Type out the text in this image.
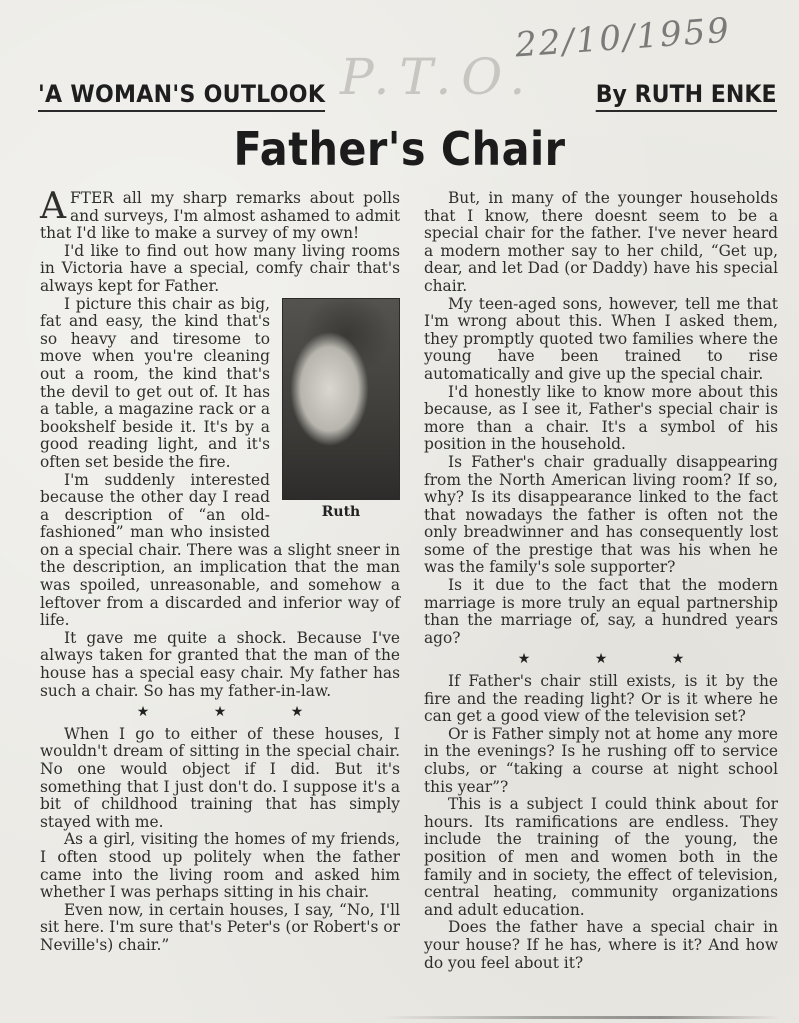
P.T.O.
22/10/1959
'A WOMAN'S OUTLOOK	By RUTH ENKE
Father's Chair

AFTER all my sharp remarks about polls and surveys, I'm almost ashamed to admit that I'd like to make a survey of my own!

I'd like to find out how many living rooms in Victoria have a special, comfy chair that's always kept for Father.

Ruth

I picture this chair as big, fat and easy, the kind that's so heavy and tiresome to move when you're cleaning out a room, the kind that's the devil to get out of. It has a table, a magazine rack or a bookshelf beside it. It's by a good reading light, and it's often set beside the fire.

I'm suddenly interested because the other day I read a description of “an old-fashioned” man who insisted on a special chair. There was a slight sneer in the description, an implication that the man was spoiled, unreasonable, and somehow a leftover from a discarded and inferior way of life.

It gave me quite a shock. Because I've always taken for granted that the man of the house has a special easy chair. My father has such a chair. So has my father-in-law.

★ ★ ★

When I go to either of these houses, I wouldn't dream of sitting in the special chair. No one would object if I did. But it's something that I just don't do. I suppose it's a bit of childhood training that has simply stayed with me.

As a girl, visiting the homes of my friends, I often stood up politely when the father came into the living room and asked him whether I was perhaps sitting in his chair.

Even now, in certain houses, I say, “No, I'll sit here. I'm sure that's Peter's (or Robert's or Neville's) chair.”

But, in many of the younger households that I know, there doesnt seem to be a special chair for the father. I've never heard a modern mother say to her child, “Get up, dear, and let Dad (or Daddy) have his special chair.

My teen-aged sons, however, tell me that I'm wrong about this. When I asked them, they promptly quoted two families where the young have been trained to rise automatically and give up the special chair.

I'd honestly like to know more about this because, as I see it, Father's special chair is more than a chair. It's a symbol of his position in the household.

Is Father's chair gradually disappearing from the North American living room? If so, why? Is its disappearance linked to the fact that nowadays the father is often not the only breadwinner and has consequently lost some of the prestige that was his when he was the family's sole supporter?

Is it due to the fact that the modern marriage is more truly an equal partnership than the marriage of, say, a hundred years ago?

★ ★ ★

If Father's chair still exists, is it by the fire and the reading light? Or is it where he can get a good view of the television set?

Or is Father simply not at home any more in the evenings? Is he rushing off to service clubs, or “taking a course at night school this year”?

This is a subject I could think about for hours. Its ramifications are endless. They include the training of the young, the position of men and women both in the family and in society, the effect of television, central heating, community organizations and adult education.

Does the father have a special chair in your house? If he has, where is it? And how do you feel about it?
